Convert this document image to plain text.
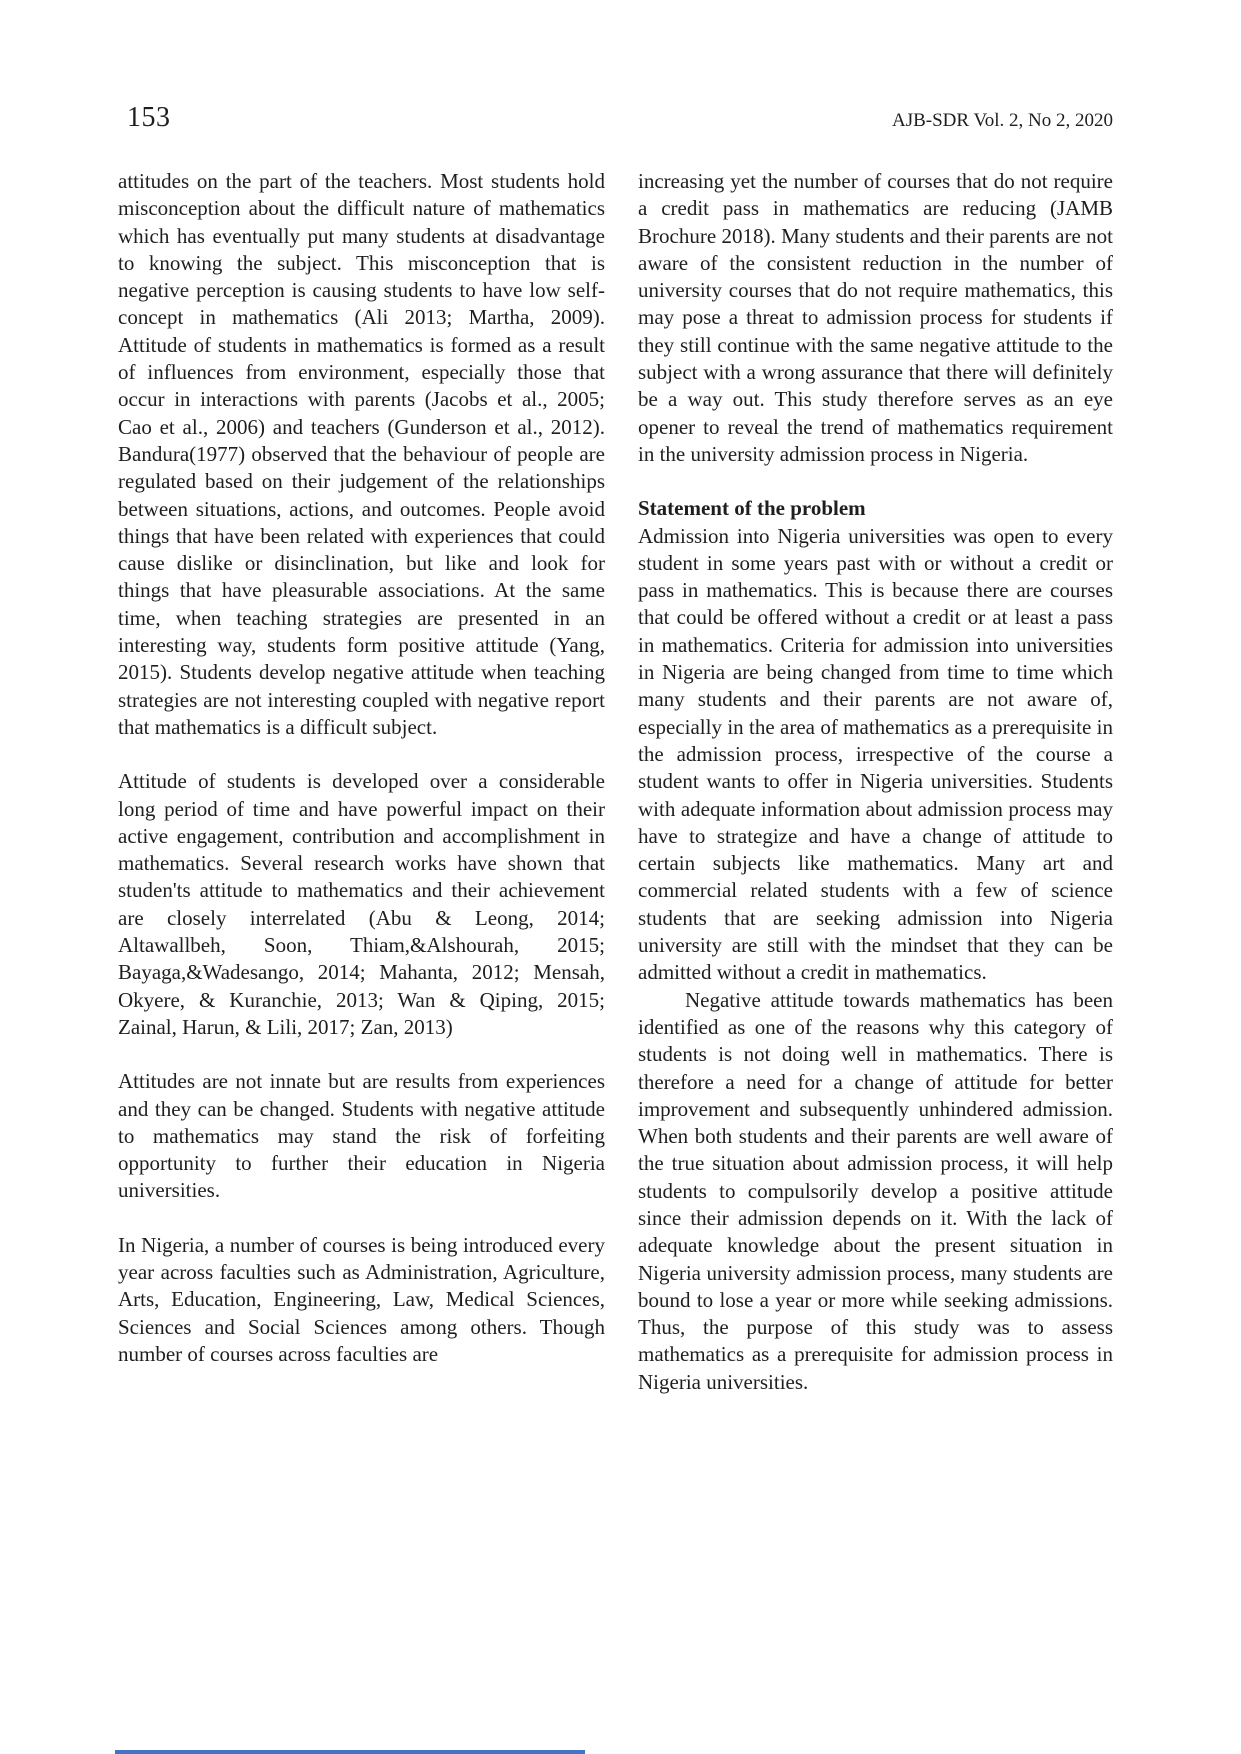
153	AJB-SDR Vol. 2, No 2, 2020

attitudes on the part of the teachers. Most students hold misconception about the difficult nature of mathematics which has eventually put many students at disadvantage to knowing the subject. This misconception that is negative perception is causing students to have low self-concept in mathematics (Ali 2013; Martha, 2009). Attitude of students in mathematics is formed as a result of influences from environment, especially those that occur in interactions with parents (Jacobs et al., 2005; Cao et al., 2006) and teachers (Gunderson et al., 2012). Bandura(1977) observed that the behaviour of people are regulated based on their judgement of the relationships between situations, actions, and outcomes. People avoid things that have been related with experiences that could cause dislike or disinclination, but like and look for things that have pleasurable associations. At the same time, when teaching strategies are presented in an interesting way, students form positive attitude (Yang, 2015). Students develop negative attitude when teaching strategies are not interesting coupled with negative report that mathematics is a difficult subject.

Attitude of students is developed over a considerable long period of time and have powerful impact on their active engagement, contribution and accomplishment in mathematics. Several research works have shown that studen'ts attitude to mathematics and their achievement are closely interrelated (Abu & Leong, 2014; Altawallbeh, Soon, Thiam,&Alshourah, 2015; Bayaga,&Wadesango, 2014; Mahanta, 2012; Mensah, Okyere, & Kuranchie, 2013; Wan & Qiping, 2015; Zainal, Harun, & Lili, 2017; Zan, 2013)

Attitudes are not innate but are results from experiences and they can be changed. Students with negative attitude to mathematics may stand the risk of forfeiting opportunity to further their education in Nigeria universities.

In Nigeria, a number of courses is being introduced every year across faculties such as Administration, Agriculture, Arts, Education, Engineering, Law, Medical Sciences, Sciences and Social Sciences among others. Though number of courses across faculties are

increasing yet the number of courses that do not require a credit pass in mathematics are reducing (JAMB Brochure 2018). Many students and their parents are not aware of the consistent reduction in the number of university courses that do not require mathematics, this may pose a threat to admission process for students if they still continue with the same negative attitude to the subject with a wrong assurance that there will definitely be a way out. This study therefore serves as an eye opener to reveal the trend of mathematics requirement in the university admission process in Nigeria.

Statement of the problem

Admission into Nigeria universities was open to every student in some years past with or without a credit or pass in mathematics. This is because there are courses that could be offered without a credit or at least a pass in mathematics. Criteria for admission into universities in Nigeria are being changed from time to time which many students and their parents are not aware of, especially in the area of mathematics as a prerequisite in the admission process, irrespective of the course a student wants to offer in Nigeria universities. Students with adequate information about admission process may have to strategize and have a change of attitude to certain subjects like mathematics. Many art and commercial related students with a few of science students that are seeking admission into Nigeria university are still with the mindset that they can be admitted without a credit in mathematics.

Negative attitude towards mathematics has been identified as one of the reasons why this category of students is not doing well in mathematics. There is therefore a need for a change of attitude for better improvement and subsequently unhindered admission. When both students and their parents are well aware of the true situation about admission process, it will help students to compulsorily develop a positive attitude since their admission depends on it. With the lack of adequate knowledge about the present situation in Nigeria university admission process, many students are bound to lose a year or more while seeking admissions. Thus, the purpose of this study was to assess mathematics as a prerequisite for admission process in Nigeria universities.
